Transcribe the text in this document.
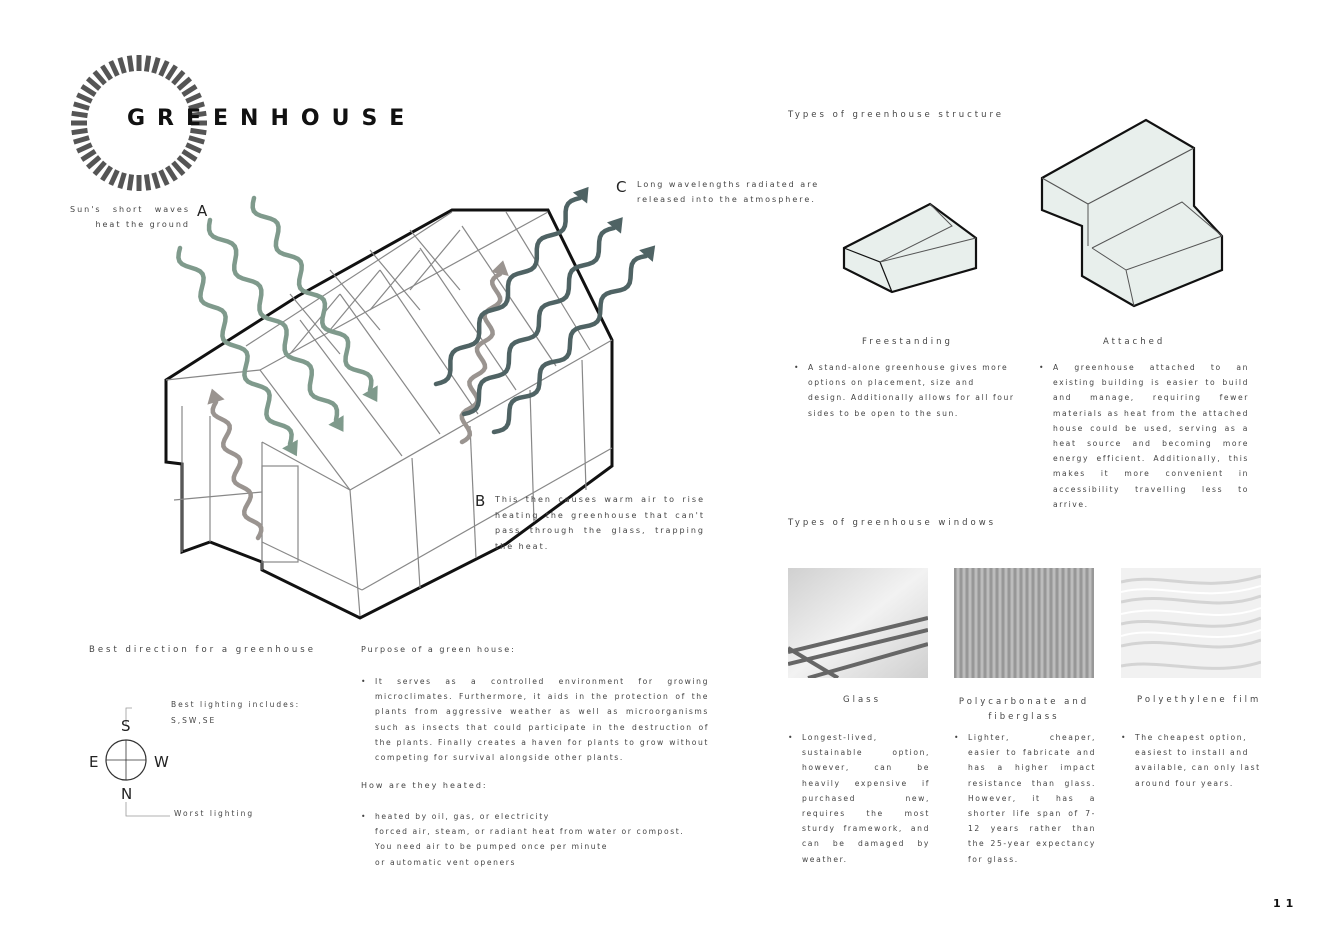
GREENHOUSE
A
Sun's short waves
heat the ground
C Long wavelengths radiated are
released into the atmosphere.
B This then causes warm air to rise heating the greenhouse that can't pass through the glass, trapping the heat.
Best direction for a greenhouse
S
E	W
N
Best lighting includes:
S,SW,SE
Worst lighting
Purpose of a green house:
• It serves as a controlled environment for growing microclimates. Furthermore, it aids in the protection of the plants from aggressive weather as well as microorganisms such as insects that could participate in the destruction of the plants. Finally creates a haven for plants to grow without competing for survival alongside other plants.
How are they heated:
• heated by oil, gas, or electricity
forced air, steam, or radiant heat from water or compost.
You need air to be pumped once per minute
or automatic vent openers
Types of greenhouse structure
Freestanding
• A stand-alone greenhouse gives more options on placement, size and design. Additionally allows for all four sides to be open to the sun.
Attached
• A greenhouse attached to an existing building is easier to build and manage, requiring fewer materials as heat from the attached house could be used, serving as a heat source and becoming more energy efficient. Additionally, this makes it more convenient in accessibility travelling less to arrive.
Types of greenhouse windows
Glass	Polycarbonate and
fiberglass
Polyethylene film
• Longest-lived, sustainable option, however, can be heavily expensive if purchased new, requires the most sturdy framework, and can be damaged by weather.
• Lighter, cheaper, easier to fabricate and has a higher impact resistance than glass. However, it has a shorter life span of 7-12 years rather than the 25-year expectancy for glass.
• The cheapest option, easiest to install and available, can only last around four years.
11
